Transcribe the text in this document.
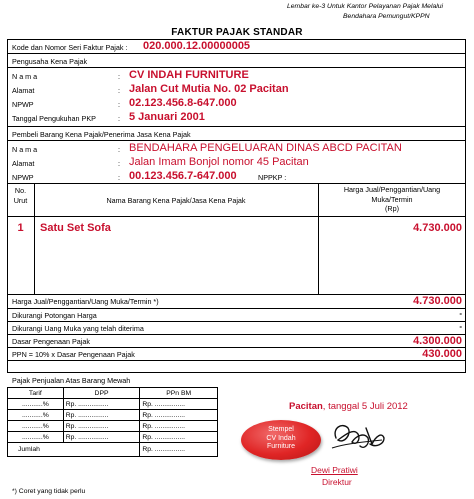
Lembar ke-3 Untuk Kantor Pelayanan Pajak Melalui
Bendahara Pemungut/KPPN
FAKTUR PAJAK STANDAR
Kode dan Nomor Seri Faktur Pajak : 020.000.12.00000005
Pengusaha Kena Pajak
N a m a	: CV INDAH FURNITURE
Alamat	: Jalan Cut Mutia No. 02 Pacitan
NPWP	: 02.123.456.8-647.000
Tanggal Pengukuhan PKP	: 5 Januari 2001
Pembeli Barang Kena Pajak/Penerima Jasa Kena Pajak
N a m a	: BENDAHARA PENGELUARAN DINAS ABCD PACITAN
Alamat	: Jalan Imam Bonjol nomor 45 Pacitan
NPWP	: 00.123.456.7-647.000	NPPKP :
No.
Urut	Nama Barang Kena Pajak/Jasa Kena Pajak
Harga Jual/Penggantian/Uang
Muka/Termin
(Rp)
1	Satu Set Sofa	4.730.000
Harga Jual/Penggantian/Uang Muka/Termin *)	4.730.000
Dikurangi Potongan Harga	-
Dikurangi Uang Muka yang telah diterima	-
Dasar Pengenaan Pajak	4.300.000
PPN = 10% x Dasar Pengenaan Pajak	430.000
Pajak Penjualan Atas Barang Mewah
Tarif	DPP	PPn BM
...........%	Rp. ................	Rp. ................
...........%	Rp. ................	Rp. ................
...........%	Rp. ................	Rp. ................
...........%	Rp. ................	Rp. ................
Jumlah		Rp. ................
Pacitan, tanggal 5 Juli 2012
Stempel
CV Indah
Furniture
Dewi Pratiwi
Direktur
*) Coret yang tidak perlu
